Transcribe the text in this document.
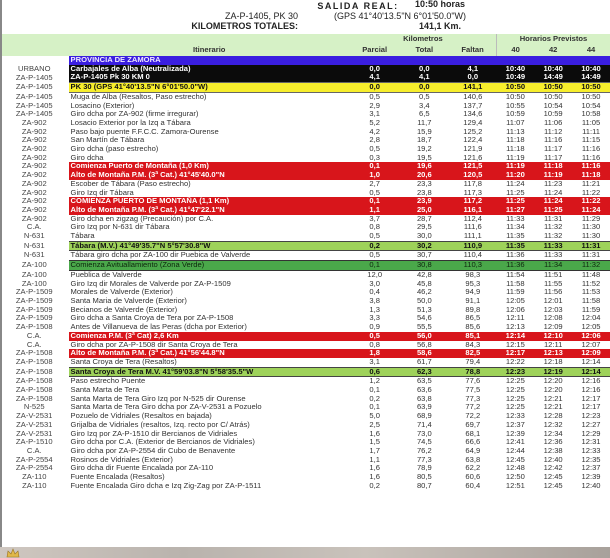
SALIDA REAL:	10:50 horas
ZA-P-1405, PK 30	(GPS 41°40'13.5"N 6°01'50.0"W)
KILOMETROS TOTALES:	141,1 Km.
		Kilometros			Horarios Previstos		
	Itinerario	Parcial	Total	Faltan	40	42	44
	PROVINCIA DE ZAMORA						
URBANO	Carbajales de Alba (Neutralizada)	0,0	0,0	4,1	10:40	10:40	10:40
ZA-P-1405	ZA-P-1405 Pk 30 KM 0	4,1	4,1	0,0	10:49	14:49	14:49
ZA-P-1405	PK 30 (GPS 41°40'13.5"N 6°01'50.0"W)	0,0	0,0	141,1	10:50	10:50	10:50
ZA-P-1405	Muga de Alba (Resaltos, Paso estrecho)	0,5	0,5	140,6	10:50	10:50	10:50
ZA-P-1405	Losacino (Exterior)	2,9	3,4	137,7	10:55	10:54	10:54
ZA-P-1405	Giro dcha por ZA-902 (firme irregurar)	3,1	6,5	134,6	10:59	10:59	10:58
ZA-902	Losacio Exterior por la Izq a Tábara	5,2	11,7	129,4	11:07	11:06	11:05
ZA-902	Paso bajo puente F.F.C.C. Zamora-Ourense	4,2	15,9	125,2	11:13	11:12	11:11
ZA-902	San Martín de Tábara	2,8	18,7	122,4	11:18	11:16	11:15
ZA-902	Giro dcha (paso estrecho)	0,5	19,2	121,9	11:18	11:17	11:16
ZA-902	Giro dcha	0,3	19,5	121,6	11:19	11:17	11:16
ZA-902	Comienza Puerto de Montaña (1,0 Km)	0,1	19,6	121,5	11:19	11:18	11:16
ZA-902	Alto de Montaña P.M. (3ª Cat.) 41°45'40.0"N	1,0	20,6	120,5	11:20	11:19	11:18
ZA-902	Escober de Tábara (Paso estrecho)	2,7	23,3	117,8	11:24	11:23	11:21
ZA-902	Giro Izq dir Tábara	0,5	23,8	117,3	11:25	11:24	11:22
ZA-902	COMIENZA PUERTO DE MONTAÑA (1,1 Km)	0,1	23,9	117,2	11:25	11:24	11:22
ZA-902	Alto de Montaña P.M. (3ª Cat.) 41°47'22.1"N	1,1	25,0	116,1	11:27	11:25	11:24
ZA-902	Giro dcha en zigzag (Precaución) por C.A.	3,7	28,7	112,4	11:33	11:31	11:29
C.A.	Giro Izq por N-631 dir Tábara	0,8	29,5	111,6	11:34	11:32	11:30
N-631	Tábara	0,5	30,0	111,1	11:35	11:32	11:30
N-631	Tábara (M.V.) 41°49'35.7"N 5°57'30.8"W	0,2	30,2	110,9	11:35	11:33	11:31
N-631	Tábara giro dcha por ZA-100 dir Puebica de Valverde	0,5	30,7	110,4	11:36	11:33	11:31
ZA-100	Comienza Avituallamiento (Zona Verde)	0,1	30,8	110,3	11:36	11:34	11:32
ZA-100	Pueblica de Valverde	12,0	42,8	98,3	11:54	11:51	11:48
ZA-100	Giro Izq dir Morales de Valverde por ZA-P-1509	3,0	45,8	95,3	11:58	11:55	11:52
ZA-P-1509	Morales de Valverde (Exterior)	0,4	46,2	94,9	11:59	11:56	11:53
ZA-P-1509	Santa Maria de Valverde (Exterior)	3,8	50,0	91,1	12:05	12:01	11:58
ZA-P-1509	Becianos de Valverde (Exterior)	1,3	51,3	89,8	12:06	12:03	11:59
ZA-P-1509	Giro dcha a Santa Croya de Tera por ZA-P-1508	3,3	54,6	86,5	12:11	12:08	12:04
ZA-P-1508	Antes de Villanueva de las Peras (dcha por Exterior)	0,9	55,5	85,6	12:13	12:09	12:05
C.A.	Comienza P.M. (3ª Cat) 2,6 Km	0,5	56,0	85,1	12:14	12:10	12:06
C.A.	Giro dcha por ZA-P-1508 dir Santa Croya de Tera	0,8	56,8	84,3	12:15	12:11	12:07
ZA-P-1508	Alto de Montaña P.M. (3ª Cat.) 41°56'44.8"N	1,8	58,6	82,5	12:17	12:13	12:09
ZA-P-1508	Santa Croya de Tera (Resaltos)	3,1	61,7	79,4	12:22	12:18	12:14
ZA-P-1508	Santa Croya de Tera M.V. 41°59'03.8"N 5°58'35.5"W	0,6	62,3	78,8	12:23	12:19	12:14
ZA-P-1508	Paso estrecho Puente	1,2	63,5	77,6	12:25	12:20	12:16
ZA-P-1508	Santa Marta de Tera	0,1	63,6	77,5	12:25	12:20	12:16
ZA-P-1508	Santa Marta de Tera Giro Izq por N-525 dir Ourense	0,2	63,8	77,3	12:25	12:21	12:17
N-525	Santa Marta de Tera Giro dcha por ZA-V-2531 a Pozuelo	0,1	63,9	77,2	12:25	12:21	12:17
ZA-V-2531	Pozuelo de Vidriales (Resaltos en bajada)	5,0	68,9	72,2	12:33	12:28	12:23
ZA-V-2531	Grijalba de Vidriales (resaltos, Izq. recto por C/ Atrás)	2,5	71,4	69,7	12:37	12:32	12:27
ZA-V-2531	Giro Izq por ZA-P-1510 dir Bercianos de Vidriales	1,6	73,0	68,1	12:39	12:34	12:29
ZA-P-1510	Giro dcha por C.A. (Exterior de Bercianos de Vidriales)	1,5	74,5	66,6	12:41	12:36	12:31
C.A.	Giro dcha por ZA-P-2554 dir Cubo de Benavente	1,7	76,2	64,9	12:44	12:38	12:33
ZA-P-2554	Rosinos de Vidriales (Exterior)	1,1	77,3	63,8	12:45	12:40	12:35
ZA-P-2554	Giro dcha dir Fuente Encalada por ZA-110	1,6	78,9	62,2	12:48	12:42	12:37
ZA-110	Fuente Encalada (Resaltos)	1,6	80,5	60,6	12:50	12:45	12:39
ZA-110	Fuente Encalada Giro dcha e Izq Zig-Zag por ZA-P-1511	0,2	80,7	60,4	12:51	12:45	12:40
